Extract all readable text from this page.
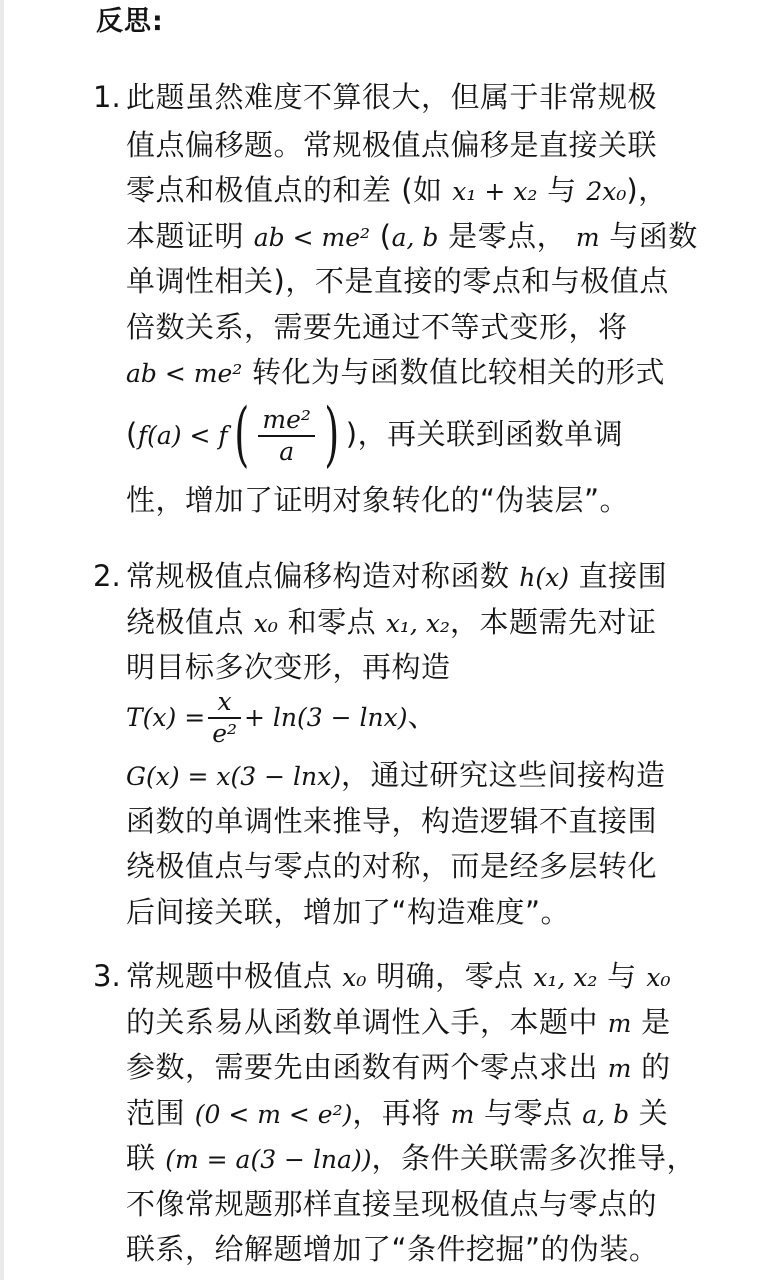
反思:
1. 此题虽然难度不算很大，但属于非常规极
值点偏移题。常规极值点偏移是直接关联
零点和极值点的和差 (如 x₁ + x₂ 与 2x₀)，
本题证明 ab < me² (a, b 是零点， m 与函数
单调性相关)，不是直接的零点和与极值点
倍数关系，需要先通过不等式变形，将
ab < me² 转化为与函数值比较相关的形式
($f(a) < f( \frac{\text{me²}}{a}$ ) )，再关联到函数单调
性，增加了证明对象转化的“伪装层”。
2. 常规极值点偏移构造对称函数 h(x) 直接围
绕极值点 x₀ 和零点 x₁, x₂，本题需先对证
明目标多次变形，再构造
$T(x) = \frac{x}{\text{e²}} + \ln(3 - \ln x)$、
G(x) = x(3 − lnx)，通过研究这些间接构造
函数的单调性来推导，构造逻辑不直接围
绕极值点与零点的对称，而是经多层转化
后间接关联，增加了“构造难度”。
3. 常规题中极值点 x₀ 明确，零点 x₁, x₂ 与 x₀
的关系易从函数单调性入手，本题中 m 是
参数，需要先由函数有两个零点求出 m 的
范围 (0 < m < e²)，再将 m 与零点 a, b 关
联 (m = a(3 − lna))，条件关联需多次推导，
不像常规题那样直接呈现极值点与零点的
联系，给解题增加了“条件挖掘”的伪装。
